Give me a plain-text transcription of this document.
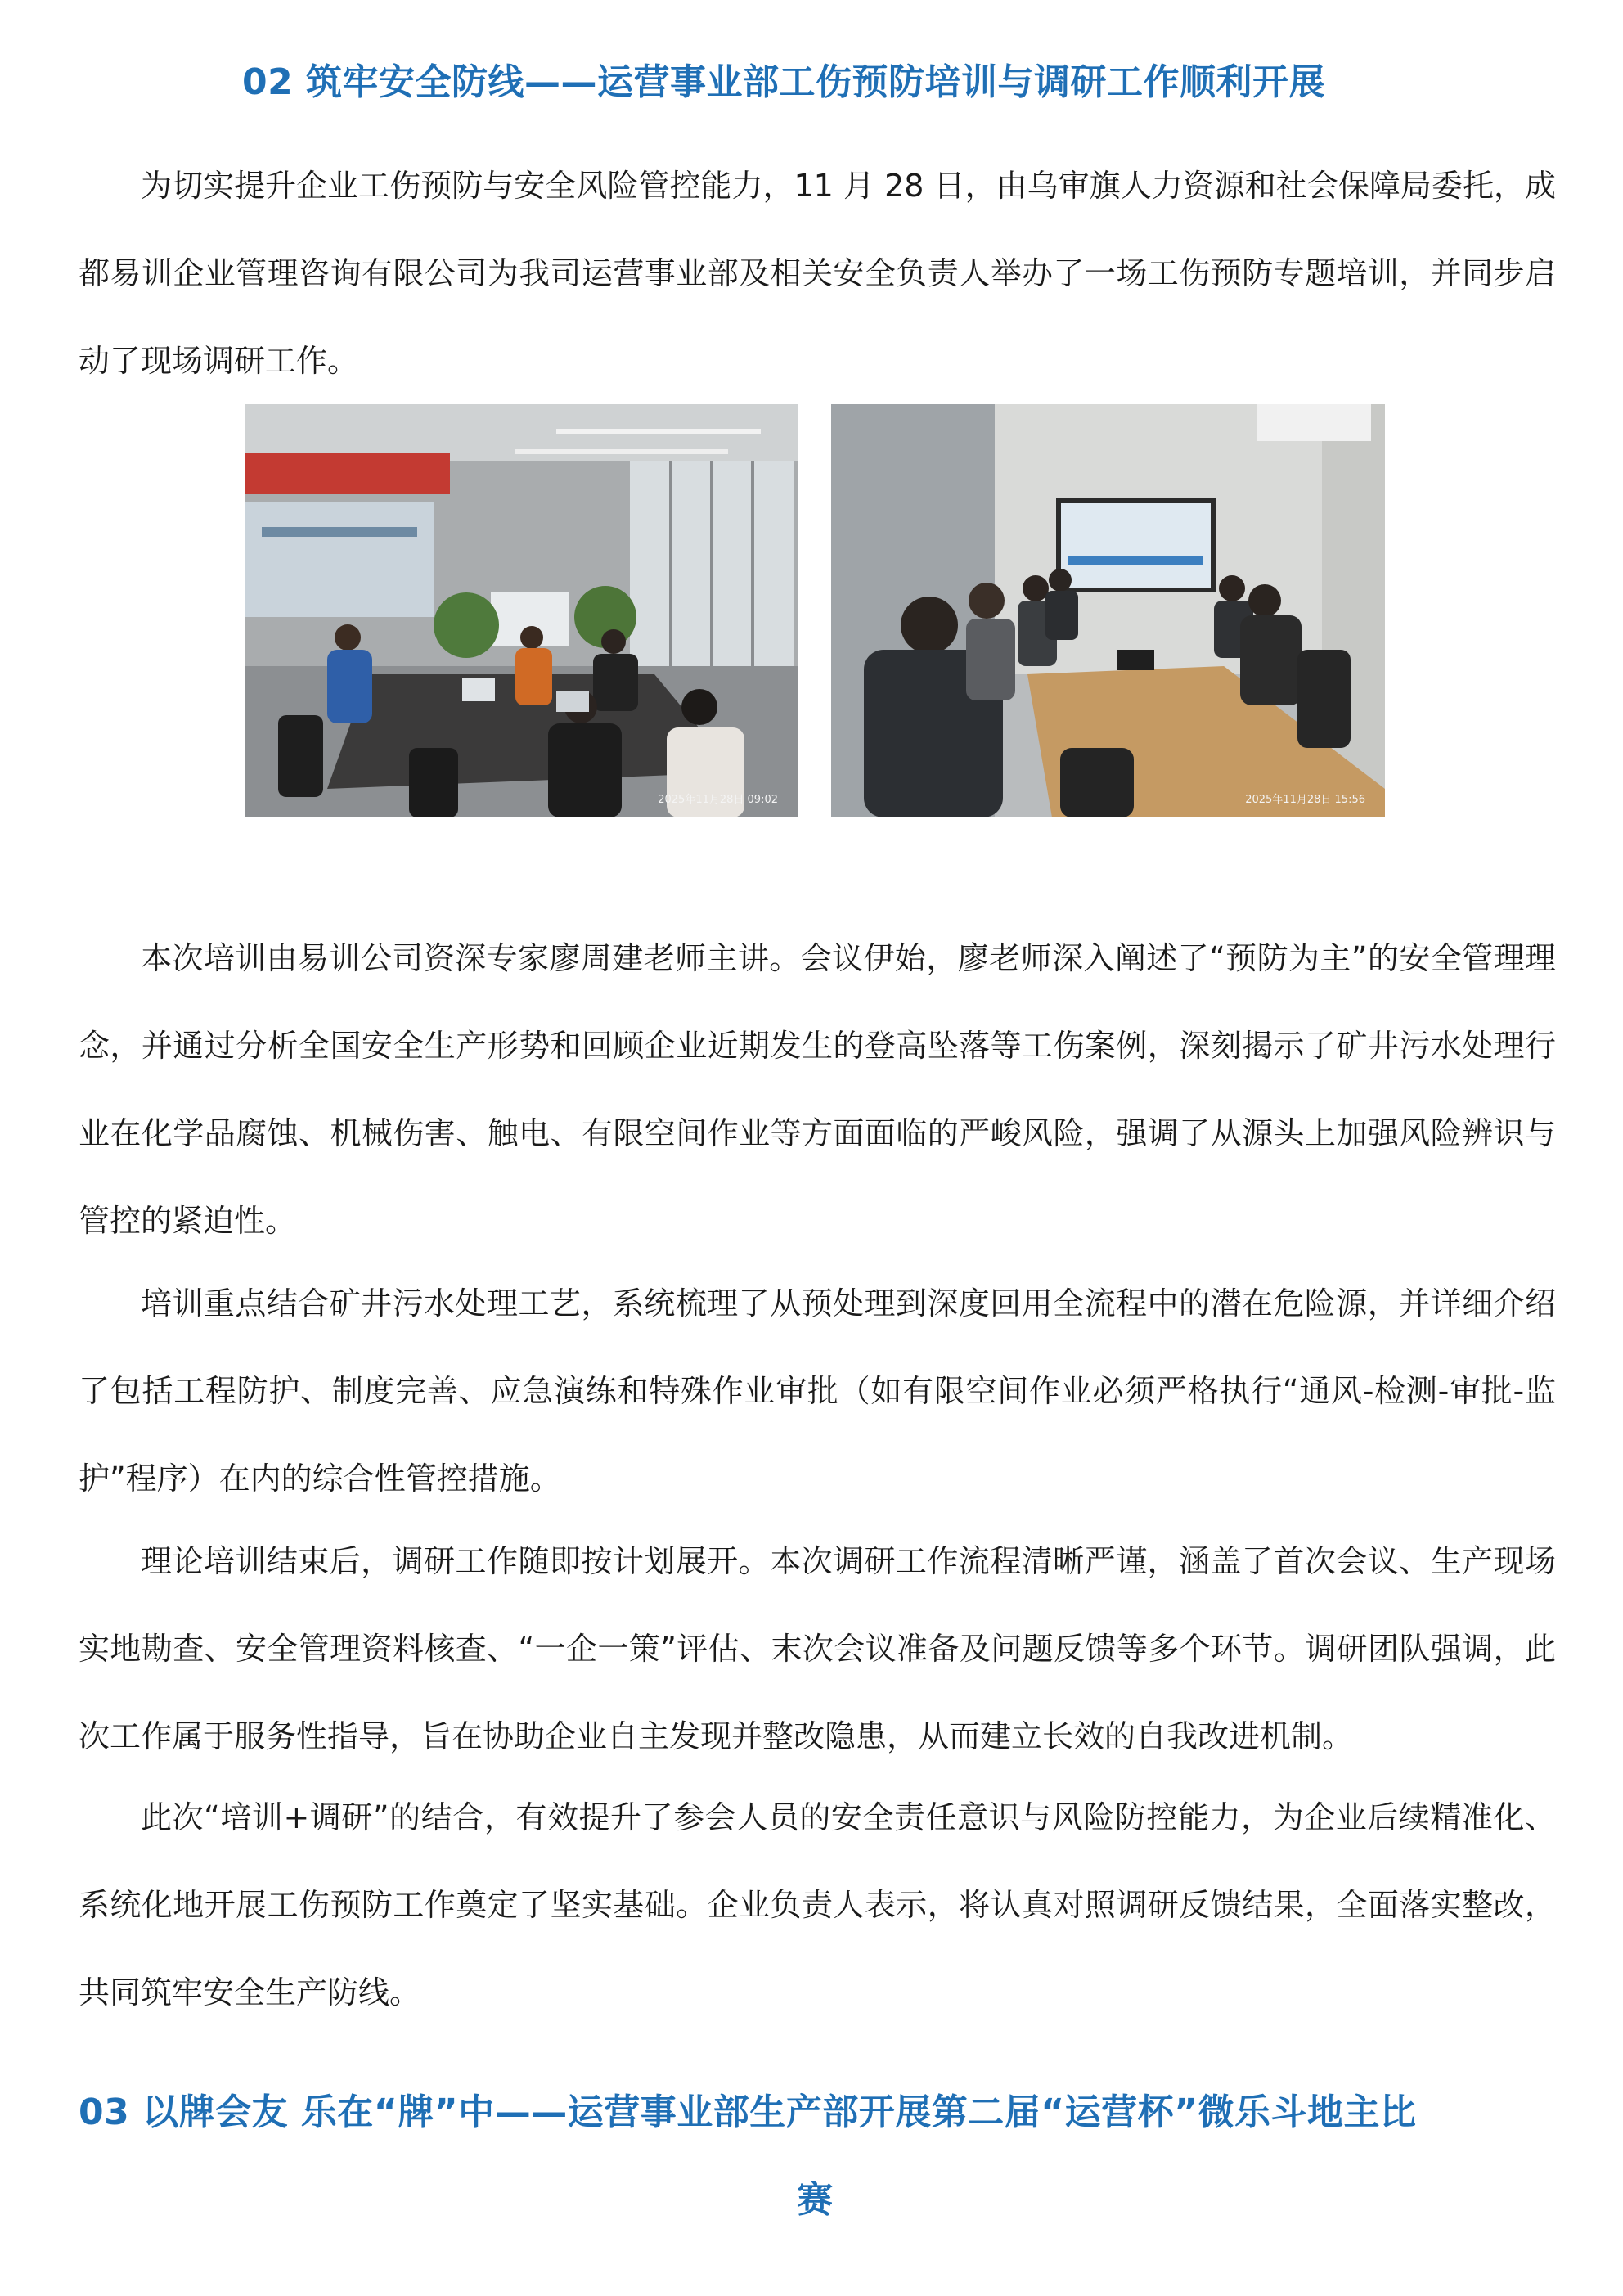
02 筑牢安全防线——运营事业部工伤预防培训与调研工作顺利开展

为切实提升企业工伤预防与安全风险管控能力，11 月 28 日，由乌审旗人力资源和社会保障局委托，成都易训企业管理咨询有限公司为我司运营事业部及相关安全负责人举办了一场工伤预防专题培训，并同步启动了现场调研工作。

2025年11月28日 09:02	2025年11月28日 15:56

本次培训由易训公司资深专家廖周建老师主讲。会议伊始，廖老师深入阐述了“预防为主”的安全管理理念，并通过分析全国安全生产形势和回顾企业近期发生的登高坠落等工伤案例，深刻揭示了矿井污水处理行业在化学品腐蚀、机械伤害、触电、有限空间作业等方面面临的严峻风险，强调了从源头上加强风险辨识与管控的紧迫性。

培训重点结合矿井污水处理工艺，系统梳理了从预处理到深度回用全流程中的潜在危险源，并详细介绍了包括工程防护、制度完善、应急演练和特殊作业审批（如有限空间作业必须严格执行“通风-检测-审批-监护”程序）在内的综合性管控措施。

理论培训结束后，调研工作随即按计划展开。本次调研工作流程清晰严谨，涵盖了首次会议、生产现场实地勘查、安全管理资料核查、“一企一策”评估、末次会议准备及问题反馈等多个环节。调研团队强调，此次工作属于服务性指导，旨在协助企业自主发现并整改隐患，从而建立长效的自我改进机制。

此次“培训+调研”的结合，有效提升了参会人员的安全责任意识与风险防控能力，为企业后续精准化、系统化地开展工伤预防工作奠定了坚实基础。企业负责人表示，将认真对照调研反馈结果，全面落实整改，共同筑牢安全生产防线。

03 以牌会友 乐在“牌”中——运营事业部生产部开展第二届“运营杯”微乐斗地主比
赛
